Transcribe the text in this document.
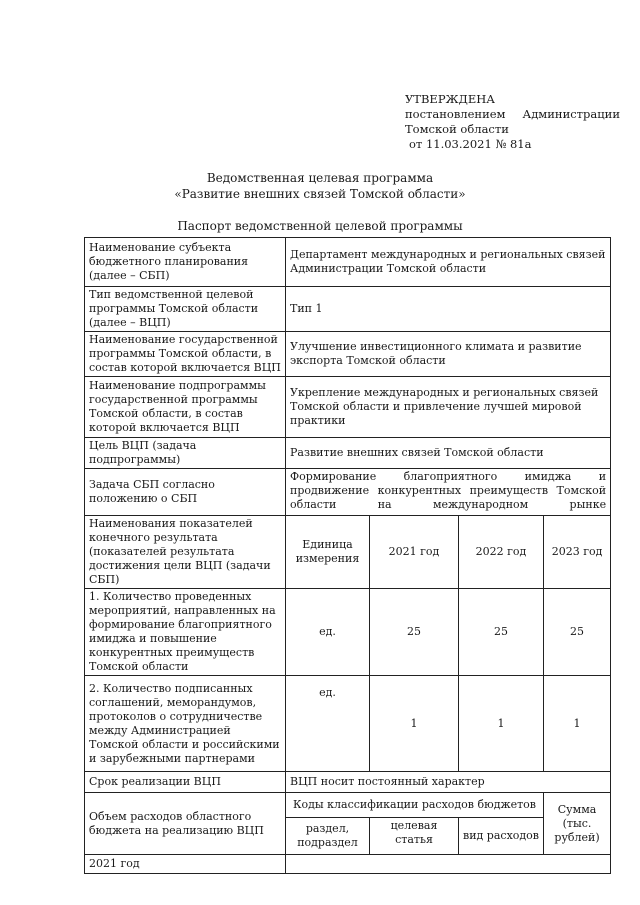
УТВЕРЖДЕНА
постановлением Администрации
Томской области
от 11.03.2021 № 81а
Ведомственная целевая программа
«Развитие внешних связей Томской области»
Паспорт ведомственной целевой программы
Наименование субъекта бюджетного планирования (далее – СБП)	Департамент международных и региональных связей Администрации Томской области			
Тип ведомственной целевой программы Томской области (далее – ВЦП)	Тип 1			
Наименование государственной программы Томской области, в состав которой включается ВЦП	Улучшение инвестиционного климата и развитие экспорта Томской области			
Наименование подпрограммы государственной программы Томской области, в состав которой включается ВЦП	Укрепление международных и региональных связей Томской области и привлечение лучшей мировой практики			
Цель ВЦП (задача подпрограммы)	Развитие внешних связей Томской области			
Задача СБП согласно положению о СБП	Формирование благоприятного имиджа и продвижение конкурентных преимуществ Томской области на международном рынке			
Наименования показателей конечного результата (показателей результата достижения цели ВЦП (задачи СБП)	Единица измерения	2021 год	2022 год	2023 год
1. Количество проведенных мероприятий, направленных на формирование благоприятного имиджа и повышение конкурентных преимуществ Томской области	ед.	25	25	25
2. Количество подписанных соглашений, меморандумов, протоколов о сотрудничестве между Администрацией Томской области и российскими и зарубежными партнерами	ед.	1	1	1
Срок реализации ВЦП	ВЦП носит постоянный характер			
Объем расходов областного бюджета на реализацию ВЦП	Коды классификации расходов бюджетов			Сумма (тыс. рублей)
	раздел, подраздел	целевая статья	вид расходов	
2021 год				
